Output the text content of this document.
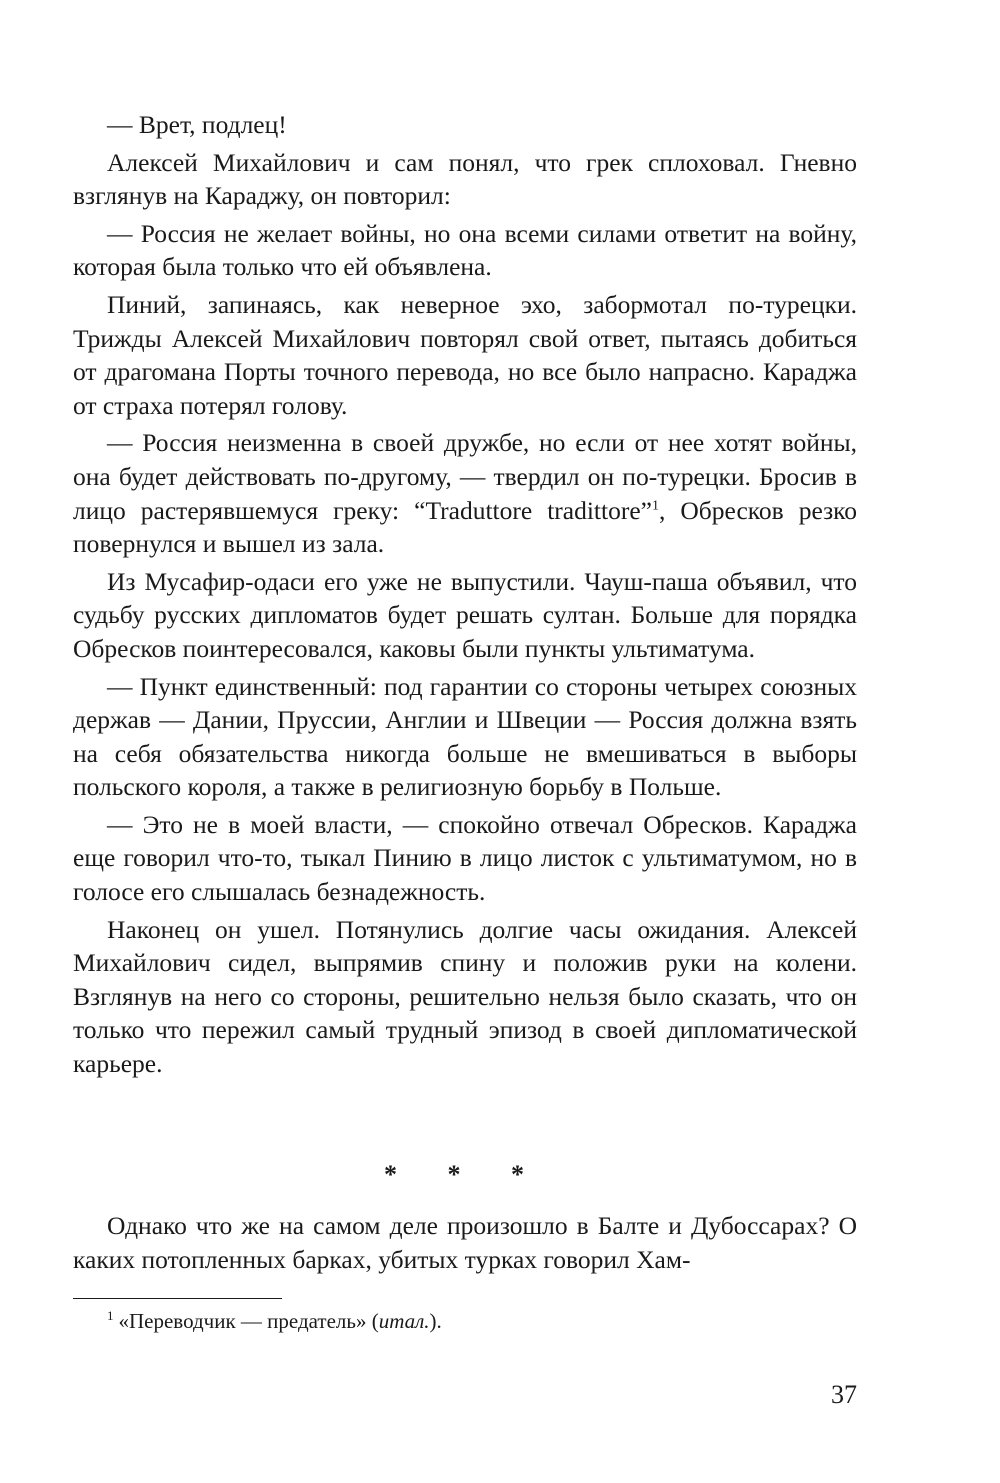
— Врет, подлец!

Алексей Михайлович и сам понял, что грек сплоховал. Гневно взглянув на Караджу, он повторил:

— Россия не желает войны, но она всеми силами ответит на войну, которая была только что ей объявлена.

Пиний, запинаясь, как неверное эхо, забормотал по-турецки. Трижды Алексей Михайлович повторял свой ответ, пытаясь добиться от драгомана Порты точного перевода, но все было напрасно. Караджа от страха потерял голову.

— Россия неизменна в своей дружбе, но если от нее хотят войны, она будет действовать по-другому, — твердил он по-турецки. Бросив в лицо растерявшемуся греку: “Traduttore tradittore”$^1$, Обресков резко повернулся и вышел из зала.

Из Мусафир-одаси его уже не выпустили. Чауш-паша объявил, что судьбу русских дипломатов будет решать султан. Больше для порядка Обресков поинтересовался, каковы были пункты ультиматума.

— Пункт единственный: под гарантии со стороны четырех союзных держав — Дании, Пруссии, Англии и Швеции — Россия должна взять на себя обязательства никогда больше не вмешиваться в выборы польского короля, а также в религиозную борьбу в Польше.

— Это не в моей власти, — спокойно отвечал Обресков. Караджа еще говорил что-то, тыкал Пинию в лицо листок с ультиматумом, но в голосе его слышалась безнадежность.

Наконец он ушел. Потянулись долгие часы ожидания. Алексей Михайлович сидел, выпрямив спину и положив руки на колени. Взглянув на него со стороны, решительно нельзя было сказать, что он только что пережил самый трудный эпизод в своей дипломатической карьере.

* * *

Однако что же на самом деле произошло в Балте и Дубоссарах? О каких потопленных барках, убитых турках говорил Хам-

$^1$ «Переводчик — предатель» (итал.).
37
